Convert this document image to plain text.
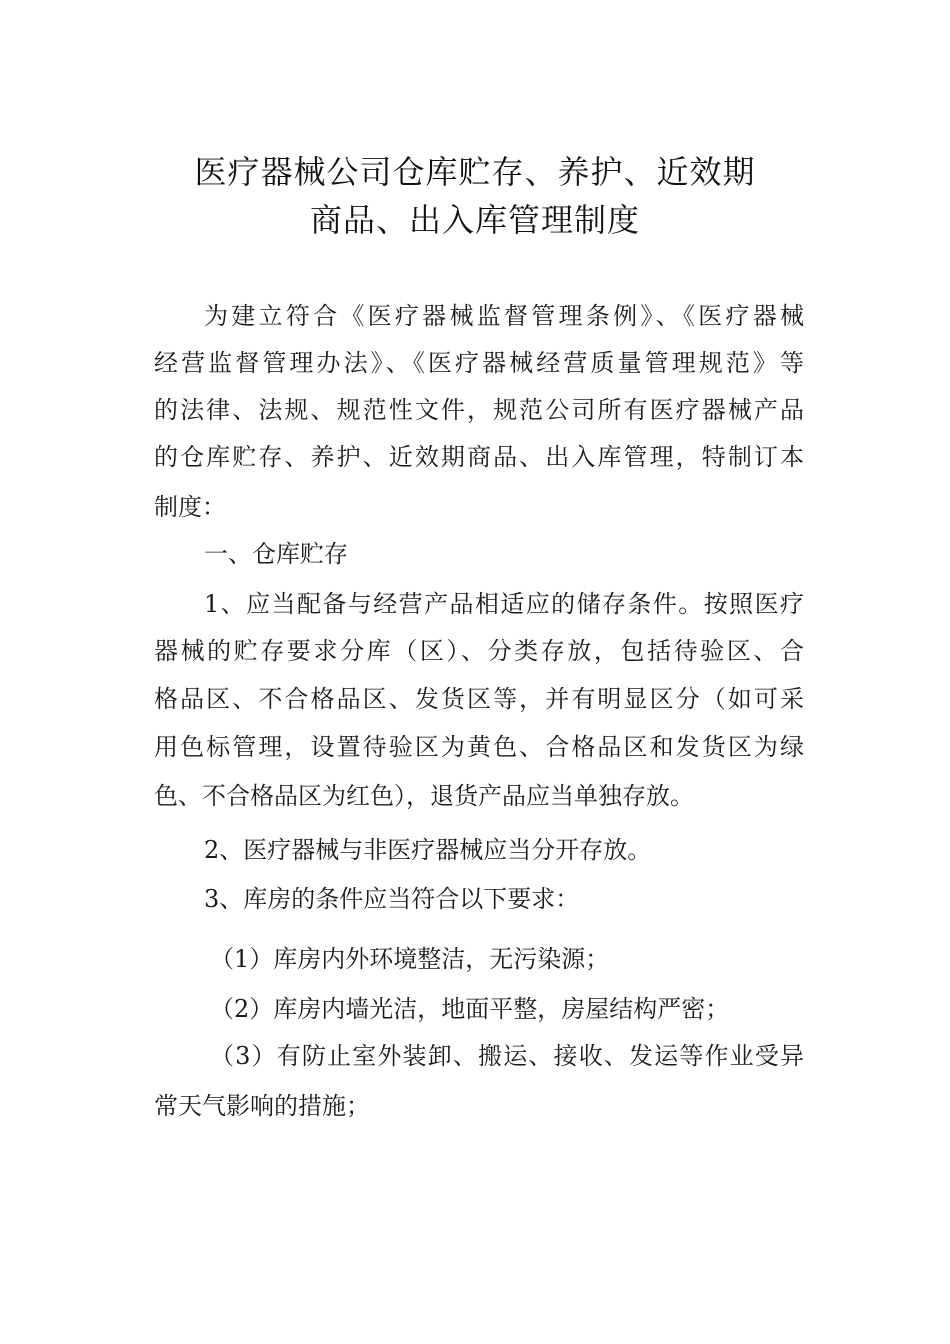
医疗器械公司仓库贮存、养护、近效期
商品、出入库管理制度
为建立符合《医疗器械监督管理条例》、《医疗器械
经营监督管理办法》、《医疗器械经营质量管理规范》等
的法律、法规、规范性文件，规范公司所有医疗器械产品
的仓库贮存、养护、近效期商品、出入库管理，特制订本
制度：
一、仓库贮存
1、应当配备与经营产品相适应的储存条件。按照医疗
器械的贮存要求分库（区）、分类存放，包括待验区、合
格品区、不合格品区、发货区等，并有明显区分（如可采
用色标管理，设置待验区为黄色、合格品区和发货区为绿
色、不合格品区为红色），退货产品应当单独存放。
2、医疗器械与非医疗器械应当分开存放。
3、库房的条件应当符合以下要求：
（1）库房内外环境整洁，无污染源；
（2）库房内墙光洁，地面平整，房屋结构严密；
（3）有防止室外装卸、搬运、接收、发运等作业受异
常天气影响的措施；
